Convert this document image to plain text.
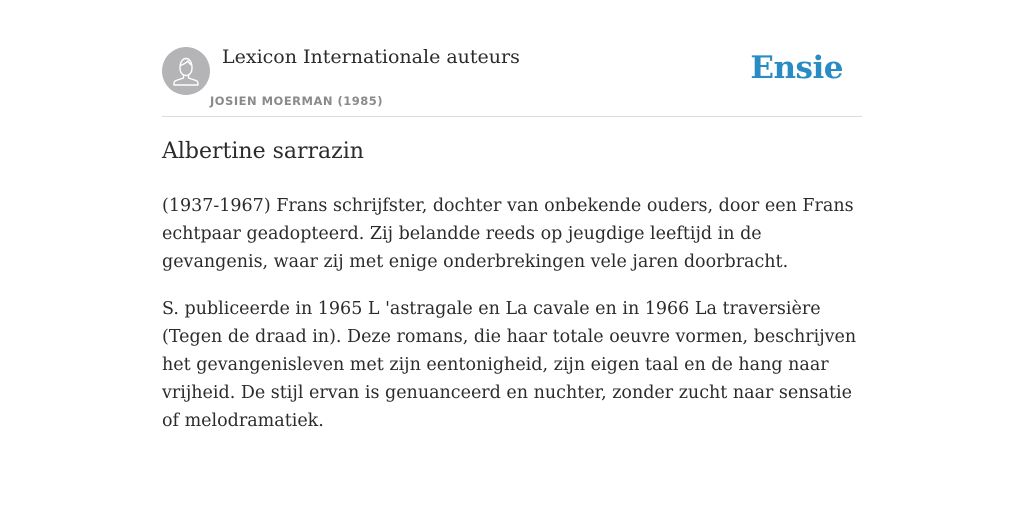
Lexicon Internationale auteurs
JOSIEN MOERMAN (1985)
Ensie
Albertine sarrazin

(1937-1967) Frans schrijfster, dochter van onbekende ouders, door een Frans echtpaar geadopteerd. Zij belandde reeds op jeugdige leeftijd in de gevangenis, waar zij met enige onderbrekingen vele jaren doorbracht.

S. publiceerde in 1965 L 'astragale en La cavale en in 1966 La traversière (Tegen de draad in). Deze romans, die haar totale oeuvre vormen, beschrijven het gevangenisleven met zijn eentonigheid, zijn eigen taal en de hang naar vrijheid. De stijl ervan is genuanceerd en nuchter, zonder zucht naar sensatie of melodramatiek.
